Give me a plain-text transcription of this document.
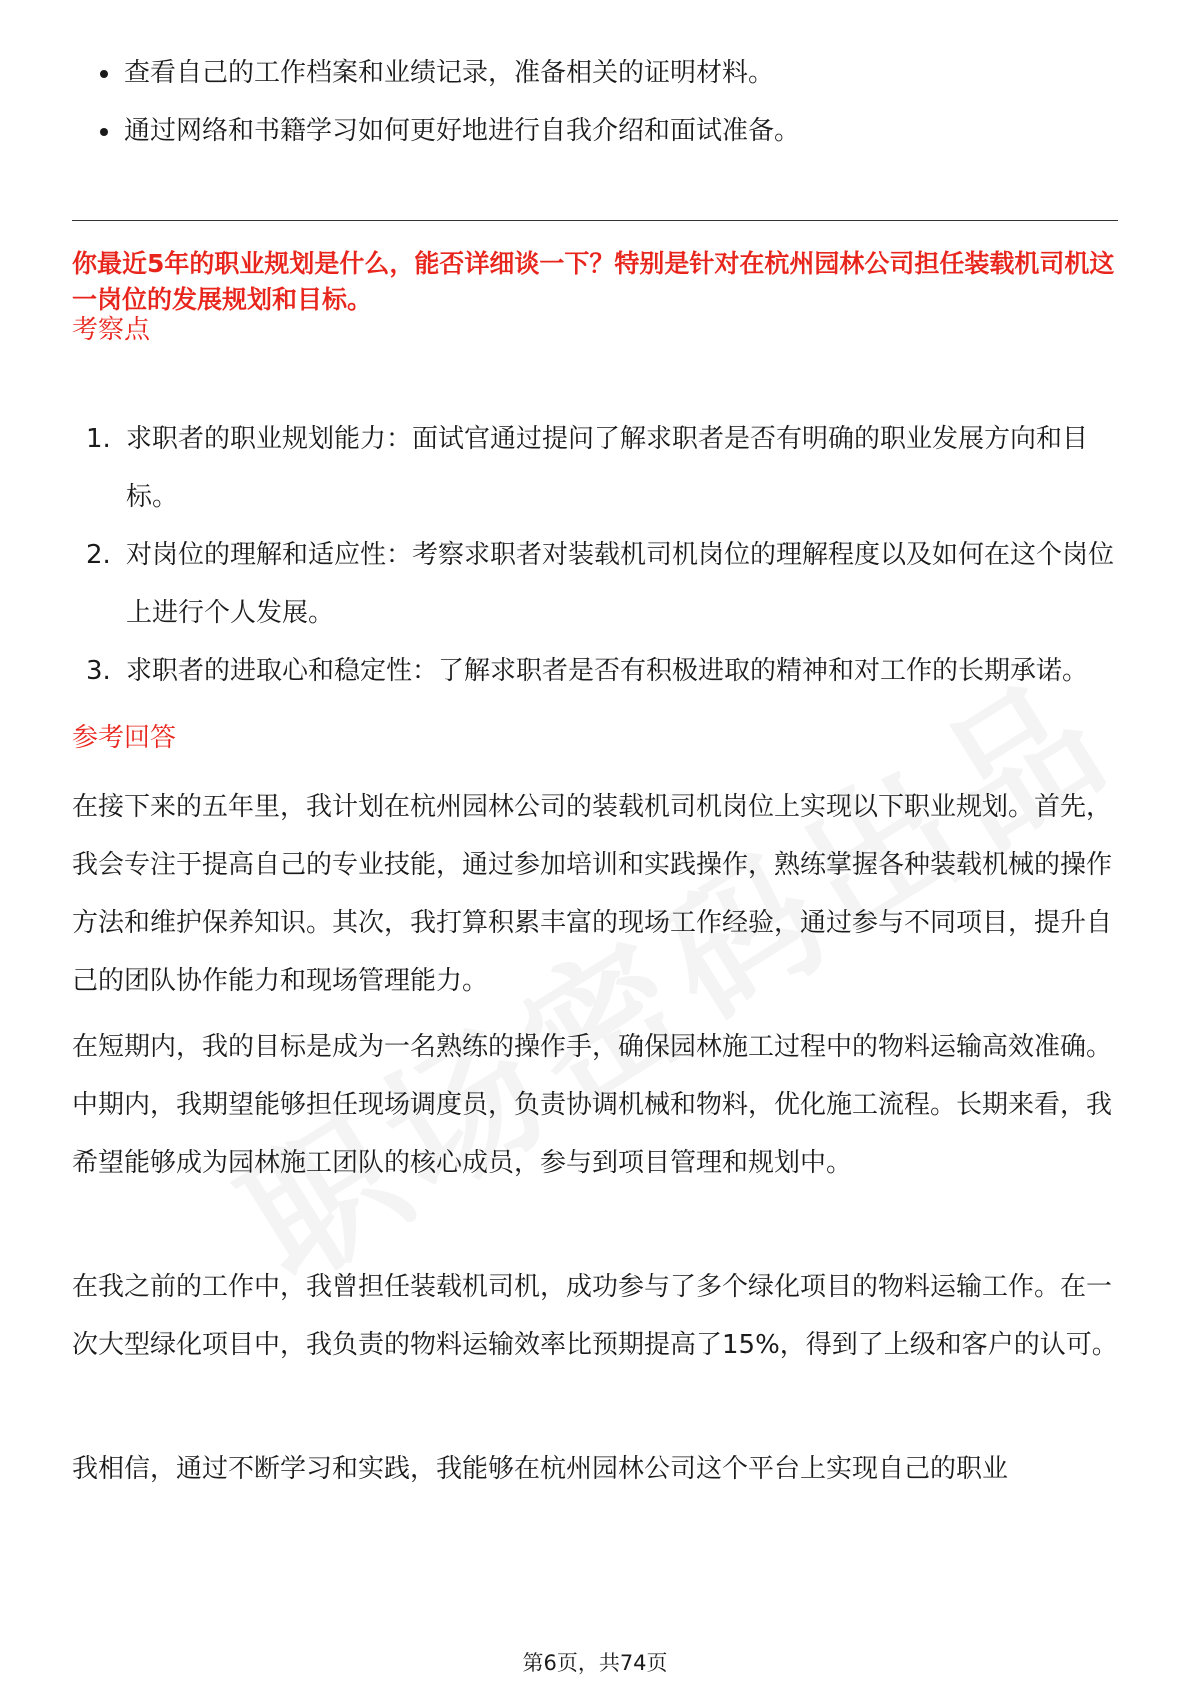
查看自己的工作档案和业绩记录，准备相关的证明材料。
通过网络和书籍学习如何更好地进行自我介绍和面试准备。

你最近5年的职业规划是什么，能否详细谈一下？特别是针对在杭州园林公司担任装载机司机这一岗位的发展规划和目标。

考察点
1. 求职者的职业规划能力：面试官通过提问了解求职者是否有明确的职业发展方向和目标。
2. 对岗位的理解和适应性：考察求职者对装载机司机岗位的理解程度以及如何在这个岗位上进行个人发展。
3. 求职者的进取心和稳定性：了解求职者是否有积极进取的精神和对工作的长期承诺。
参考回答

在接下来的五年里，我计划在杭州园林公司的装载机司机岗位上实现以下职业规划。首先，我会专注于提高自己的专业技能，通过参加培训和实践操作，熟练掌握各种装载机械的操作方法和维护保养知识。其次，我打算积累丰富的现场工作经验，通过参与不同项目，提升自己的团队协作能力和现场管理能力。

在短期内，我的目标是成为一名熟练的操作手，确保园林施工过程中的物料运输高效准确。中期内，我期望能够担任现场调度员，负责协调机械和物料，优化施工流程。长期来看，我希望能够成为园林施工团队的核心成员，参与到项目管理和规划中。

在我之前的工作中，我曾担任装载机司机，成功参与了多个绿化项目的物料运输工作。在一次大型绿化项目中，我负责的物料运输效率比预期提高了15%，得到了上级和客户的认可。

我相信，通过不断学习和实践，我能够在杭州园林公司这个平台上实现自己的职业

第6页，共74页
